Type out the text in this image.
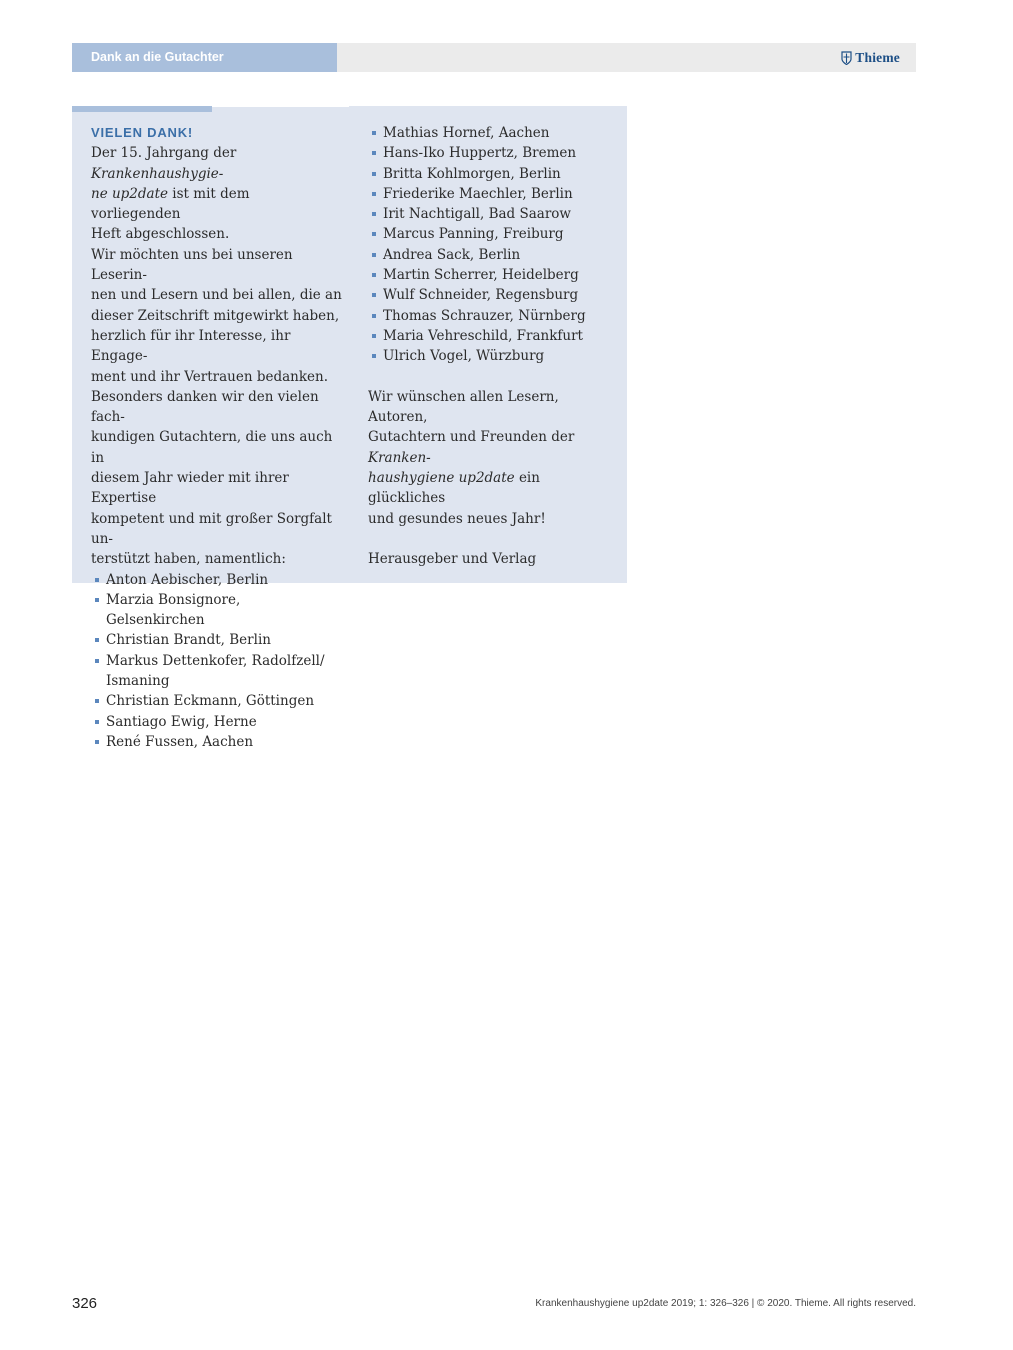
Dank an die Gutachter	Thieme
VIELEN DANK!
Der 15. Jahrgang der Krankenhaushygie-
ne up2date ist mit dem vorliegenden
Heft abgeschlossen.
Wir möchten uns bei unseren Leserin-
nen und Lesern und bei allen, die an
dieser Zeitschrift mitgewirkt haben,
herzlich für ihr Interesse, ihr Engage-
ment und ihr Vertrauen bedanken.
Besonders danken wir den vielen fach-
kundigen Gutachtern, die uns auch in
diesem Jahr wieder mit ihrer Expertise
kompetent und mit großer Sorgfalt un-
terstützt haben, namentlich:
Anton Aebischer, Berlin
Marzia Bonsignore, Gelsenkirchen
Christian Brandt, Berlin
Markus Dettenkofer, Radolfzell/ Ismaning
Christian Eckmann, Göttingen
Santiago Ewig, Herne
René Fussen, Aachen
Mathias Hornef, Aachen
Hans-Iko Huppertz, Bremen
Britta Kohlmorgen, Berlin
Friederike Maechler, Berlin
Irit Nachtigall, Bad Saarow
Marcus Panning, Freiburg
Andrea Sack, Berlin
Martin Scherrer, Heidelberg
Wulf Schneider, Regensburg
Thomas Schrauzer, Nürnberg
Maria Vehreschild, Frankfurt
Ulrich Vogel, Würzburg
Wir wünschen allen Lesern, Autoren,
Gutachtern und Freunden der Kranken-
haushygiene up2date ein glückliches
und gesundes neues Jahr!
Herausgeber und Verlag
326	Krankenhaushygiene up2date 2019; 1: 326–326 | © 2020. Thieme. All rights reserved.
